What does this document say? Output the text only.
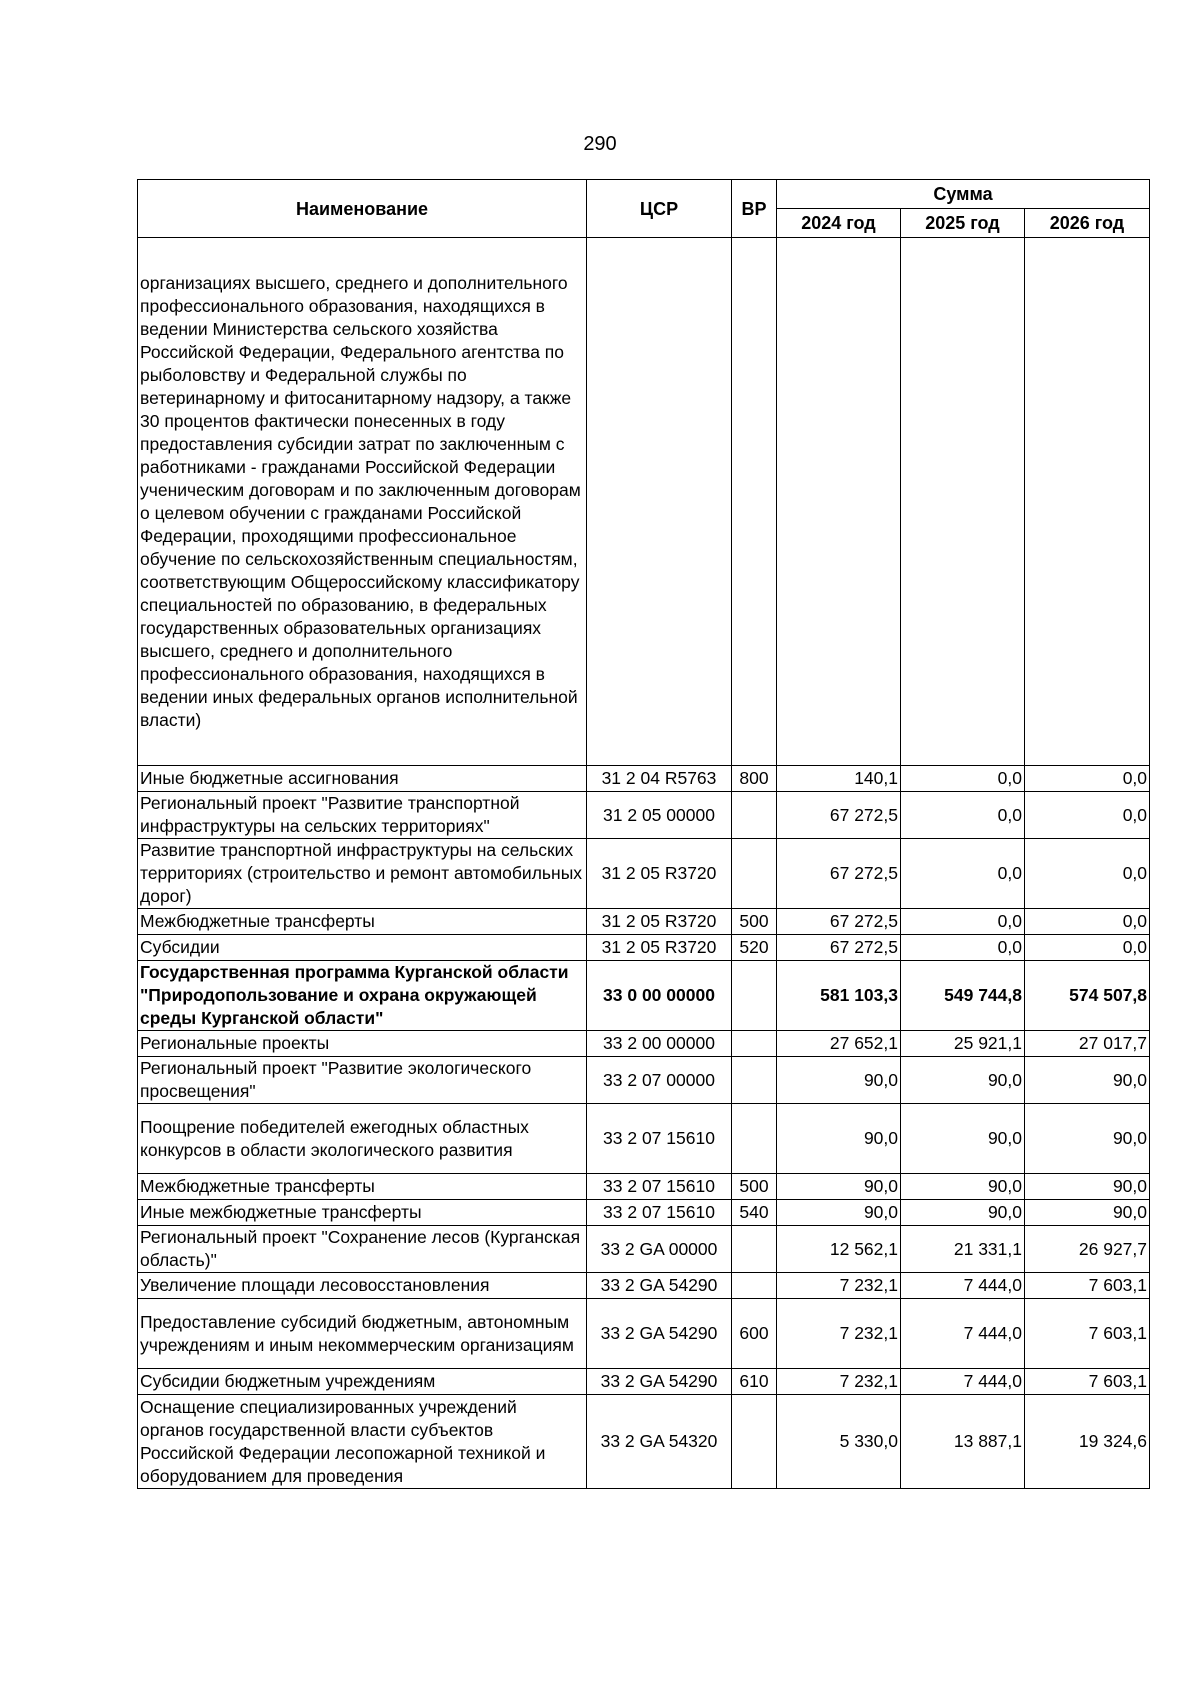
290
Наименование	ЦСР	ВР	Сумма		
			2024 год	2025 год	2026 год
организациях высшего, среднего и дополнительного профессионального образования, находящихся в ведении Министерства сельского хозяйства Российской Федерации, Федерального агентства по рыболовству и Федеральной службы по ветеринарному и фитосанитарному надзору, а также 30 процентов фактически понесенных в году предоставления субсидии затрат по заключенным с работниками - гражданами Российской Федерации ученическим договорам и по заключенным договорам о целевом обучении с гражданами Российской Федерации, проходящими профессиональное обучение по сельскохозяйственным специальностям, соответствующим Общероссийскому классификатору специальностей по образованию, в федеральных государственных образовательных организациях высшего, среднего и дополнительного профессионального образования, находящихся в ведении иных федеральных органов исполнительной власти)					
Иные бюджетные ассигнования	31 2 04 R5763	800	140,1	0,0	0,0
Региональный проект "Развитие транспортной инфраструктуры на сельских территориях"	31 2 05 00000		67 272,5	0,0	0,0
Развитие транспортной инфраструктуры на сельских территориях (строительство и ремонт автомобильных дорог)	31 2 05 R3720		67 272,5	0,0	0,0
Межбюджетные трансферты	31 2 05 R3720	500	67 272,5	0,0	0,0
Субсидии	31 2 05 R3720	520	67 272,5	0,0	0,0
Государственная программа Курганской области "Природопользование и охрана окружающей среды Курганской области"	33 0 00 00000		581 103,3	549 744,8	574 507,8
Региональные проекты	33 2 00 00000		27 652,1	25 921,1	27 017,7
Региональный проект "Развитие экологического просвещения"	33 2 07 00000		90,0	90,0	90,0
Поощрение победителей ежегодных областных конкурсов в области экологического развития	33 2 07 15610		90,0	90,0	90,0
Межбюджетные трансферты	33 2 07 15610	500	90,0	90,0	90,0
Иные межбюджетные трансферты	33 2 07 15610	540	90,0	90,0	90,0
Региональный проект "Сохранение лесов (Курганская область)"	33 2 GA 00000		12 562,1	21 331,1	26 927,7
Увеличение площади лесовосстановления	33 2 GA 54290		7 232,1	7 444,0	7 603,1
Предоставление субсидий бюджетным, автономным учреждениям и иным некоммерческим организациям	33 2 GA 54290	600	7 232,1	7 444,0	7 603,1
Субсидии бюджетным учреждениям	33 2 GA 54290	610	7 232,1	7 444,0	7 603,1
Оснащение специализированных учреждений органов государственной власти субъектов Российской Федерации лесопожарной техникой и оборудованием для проведения	33 2 GA 54320		5 330,0	13 887,1	19 324,6
